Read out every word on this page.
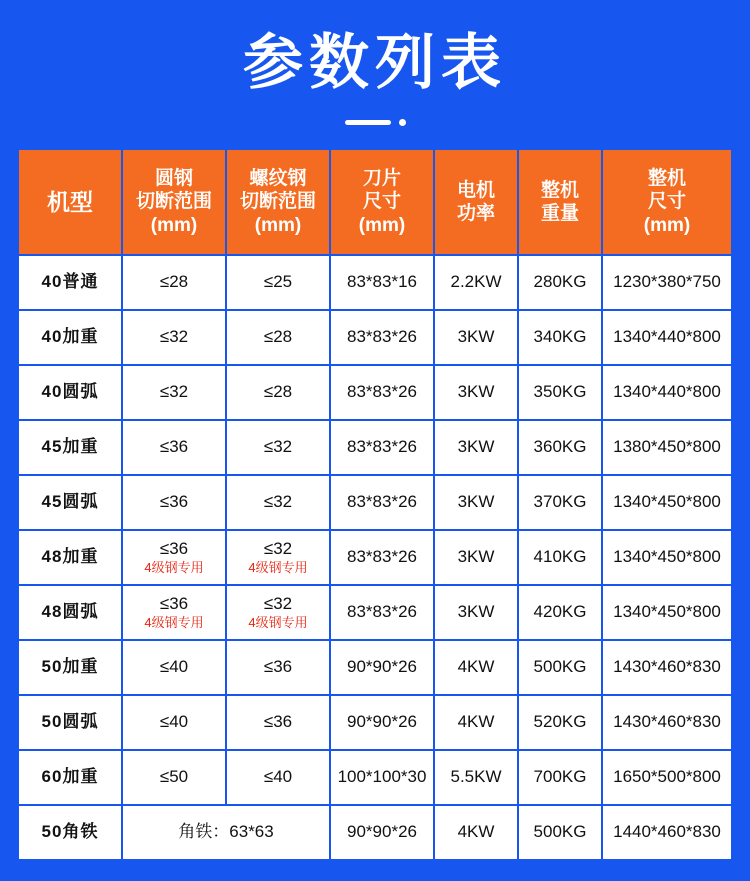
参数列表
机型	圆钢
切断范围
(mm)	螺纹钢
切断范围
(mm)	刀片
尺寸
(mm)	电机
功率	整机
重量	整机
尺寸
(mm)

40普通	≤28	≤25	83*83*16	2.2KW	280KG	1230*380*750

40加重	≤32	≤28	83*83*26	3KW	340KG	1340*440*800

40圆弧	≤32	≤28	83*83*26	3KW	350KG	1340*440*800

45加重	≤36	≤32	83*83*26	3KW	360KG	1380*450*800

45圆弧	≤36	≤32	83*83*26	3KW	370KG	1340*450*800

48加重	≤36
4级钢专用	≤32
4级钢专用	83*83*26	3KW	410KG	1340*450*800

48圆弧	≤36
4级钢专用	≤32
4级钢专用	83*83*26	3KW	420KG	1340*450*800

50加重	≤40	≤36	90*90*26	4KW	500KG	1430*460*830

50圆弧	≤40	≤36	90*90*26	4KW	520KG	1430*460*830

60加重	≤50	≤40	100*100*30	5.5KW	700KG	1650*500*800

50角铁	角铁：63*63		90*90*26	4KW	500KG	1440*460*830
